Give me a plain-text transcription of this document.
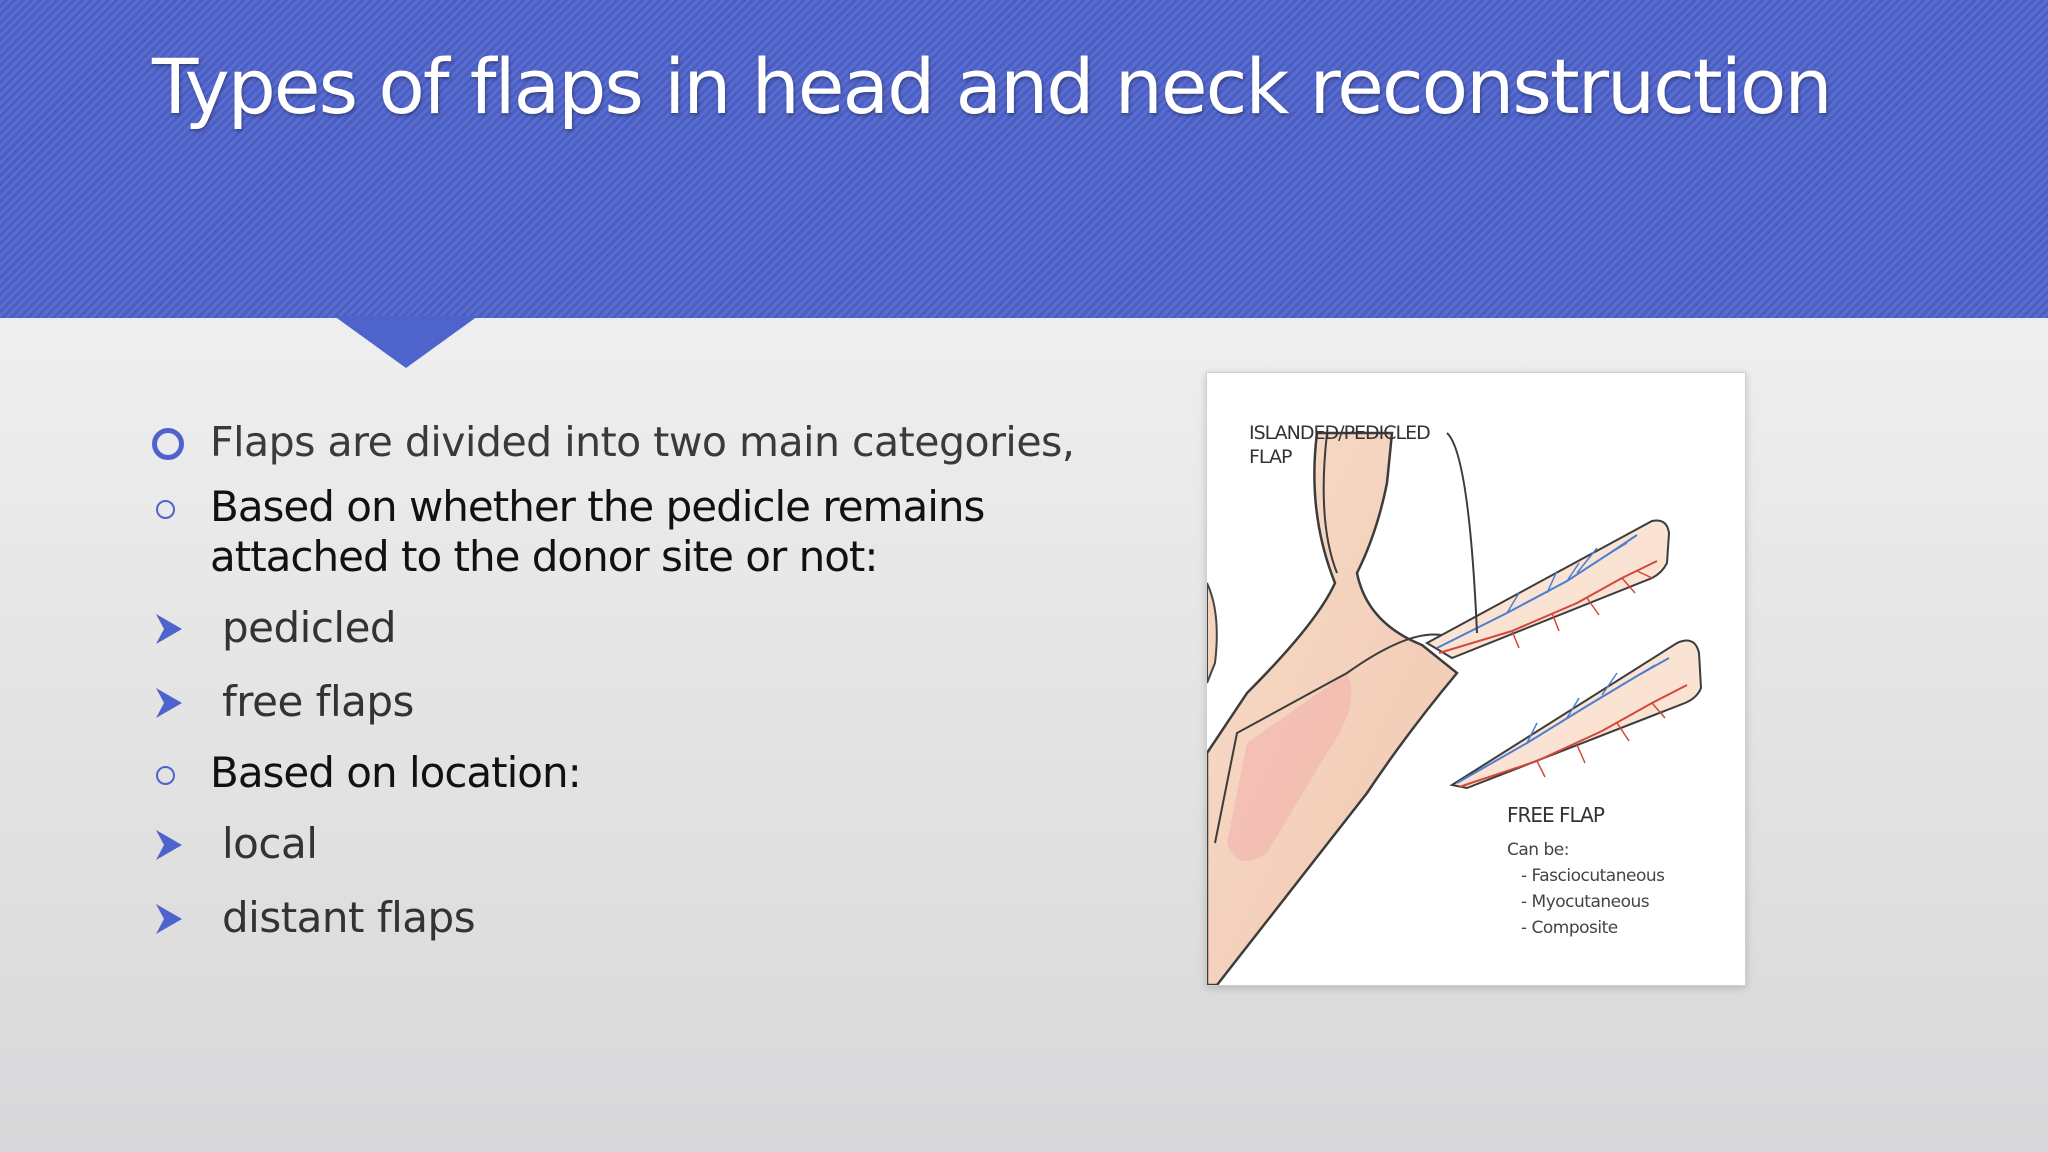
Types of flaps in head and neck reconstruction
Flaps are divided into two main categories,
Based on whether the pedicle remains attached to the donor site or not:
pedicled
free flaps
Based on location:
local
distant flaps

ISLANDED/PEDICLED FLAP

FREE FLAP

Can be:
- Fasciocutaneous
- Myocutaneous
- Composite
